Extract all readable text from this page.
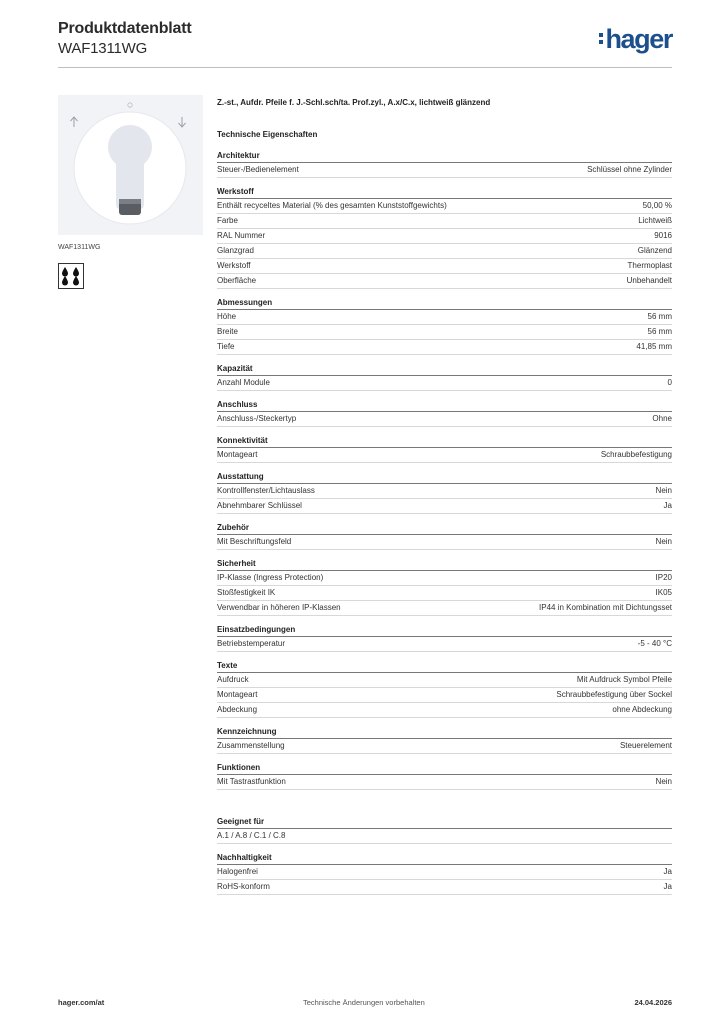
Produktdatenblatt
WAF1311WG	hager
WAF1311WG
Z.-st., Aufdr. Pfeile f. J.-Schl.sch/ta. Prof.zyl., A.x/C.x, lichtweiß glänzend
Technische Eigenschaften
Architektur
Steuer-/Bedienelement	Schlüssel ohne Zylinder
Werkstoff
Enthält recyceltes Material (% des gesamten Kunststoffgewichts)	50,00 %
Farbe	Lichtweiß
RAL Nummer	9016
Glanzgrad	Glänzend
Werkstoff	Thermoplast
Oberfläche	Unbehandelt
Abmessungen
Höhe	56 mm
Breite	56 mm
Tiefe	41,85 mm
Kapazität
Anzahl Module	0
Anschluss
Anschluss-/Steckertyp	Ohne
Konnektivität
Montageart	Schraubbefestigung
Ausstattung
Kontrollfenster/Lichtauslass	Nein
Abnehmbarer Schlüssel	Ja
Zubehör
Mit Beschriftungsfeld	Nein
Sicherheit
IP-Klasse (Ingress Protection)	IP20
Stoßfestigkeit IK	IK05
Verwendbar in höheren IP-Klassen	IP44 in Kombination mit Dichtungsset
Einsatzbedingungen
Betriebstemperatur	-5 - 40 °C
Texte
Aufdruck	Mit Aufdruck Symbol Pfeile
Montageart	Schraubbefestigung über Sockel
Abdeckung	ohne Abdeckung
Kennzeichnung
Zusammenstellung	Steuerelement
Funktionen
Mit Tastrastfunktion	Nein
Geeignet für
A.1 / A.8 / C.1 / C.8
Nachhaltigkeit
Halogenfrei	Ja
RoHS-konform	Ja
hager.com/at	Technische Änderungen vorbehalten	24.04.2026
